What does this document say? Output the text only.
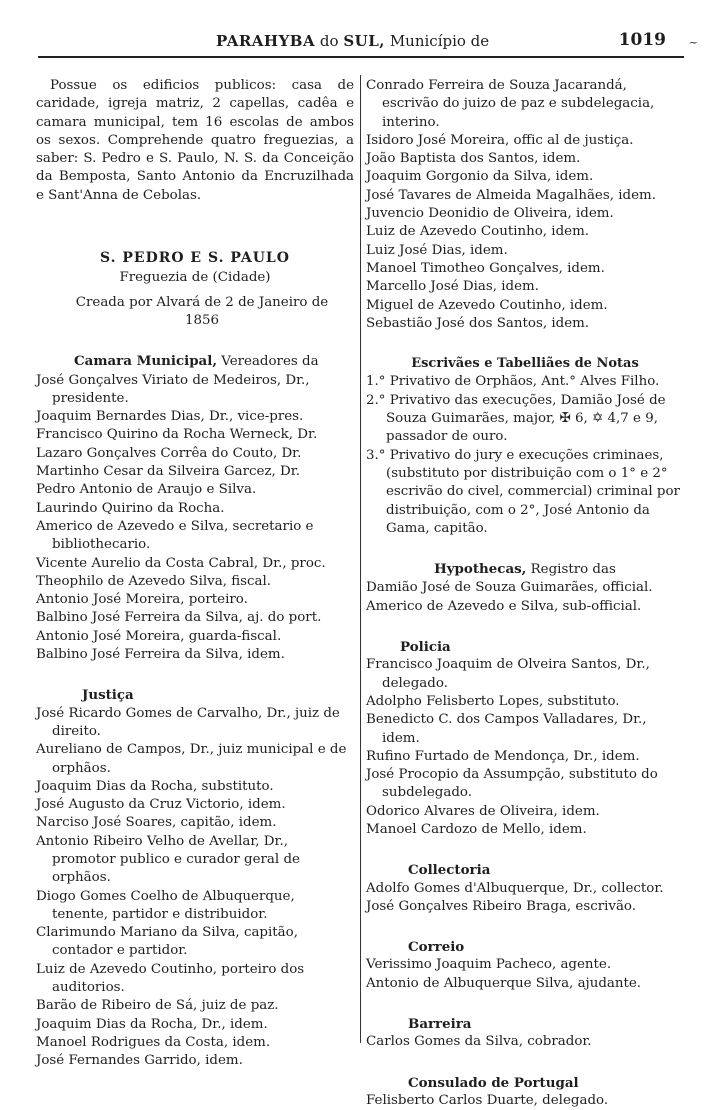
PARAHYBA do SUL, Município de	1019 ~

Possue os edificios publicos: casa de caridade, igreja matriz, 2 capellas, cadêa e camara municipal, tem 16 escolas de ambos os sexos. Comprehende quatro freguezias, a saber: S. Pedro e S. Paulo, N. S. da Conceição da Bemposta, Santo Antonio da Encruzilhada e Sant'Anna de Cebolas.

S. PEDRO E S. PAULO

Freguezia de (Cidade)

Creada por Alvará de 2 de Janeiro de 1856

Camara Municipal, Vereadores da

José Gonçalves Viriato de Medeiros, Dr., presidente.

Joaquim Bernardes Dias, Dr., vice-pres.

Francisco Quirino da Rocha Werneck, Dr.

Lazaro Gonçalves Corrêa do Couto, Dr.

Martinho Cesar da Silveira Garcez, Dr.

Pedro Antonio de Araujo e Silva.

Laurindo Quirino da Rocha.

Americo de Azevedo e Silva, secretario e bibliothecario.

Vicente Aurelio da Costa Cabral, Dr., proc.

Theophilo de Azevedo Silva, fiscal.

Antonio José Moreira, porteiro.

Balbino José Ferreira da Silva, aj. do port.

Antonio José Moreira, guarda-fiscal.

Balbino José Ferreira da Silva, idem.

Justiça

José Ricardo Gomes de Carvalho, Dr., juiz de direito.

Aureliano de Campos, Dr., juiz municipal e de orphãos.

Joaquim Dias da Rocha, substituto.

José Augusto da Cruz Victorio, idem.

Narciso José Soares, capitão, idem.

Antonio Ribeiro Velho de Avellar, Dr., promotor publico e curador geral de orphãos.

Diogo Gomes Coelho de Albuquerque, tenente, partidor e distribuidor.

Clarimundo Mariano da Silva, capitão, contador e partidor.

Luiz de Azevedo Coutinho, porteiro dos auditorios.

Barão de Ribeiro de Sá, juiz de paz.

Joaquim Dias da Rocha, Dr., idem.

Manoel Rodrigues da Costa, idem.

José Fernandes Garrido, idem.

Conrado Ferreira de Souza Jacarandá, escrivão do juizo de paz e subdelegacia, interino.

Isidoro José Moreira, offic al de justiça.

João Baptista dos Santos, idem.

Joaquim Gorgonio da Silva, idem.

José Tavares de Almeida Magalhães, idem.

Juvencio Deonidio de Oliveira, idem.

Luiz de Azevedo Coutinho, idem.

Luiz José Dias, idem.

Manoel Timotheo Gonçalves, idem.

Marcello José Dias, idem.

Miguel de Azevedo Coutinho, idem.

Sebastião José dos Santos, idem.

Escrivães e Tabelliães de Notas

1.° Privativo de Orphãos, Ant.° Alves Filho.

2.° Privativo das execuções, Damião José de Souza Guimarães, major, ✠ 6, ✡ 4,7 e 9, passador de ouro.

3.° Privativo do jury e execuções criminaes, (substituto por distribuição com o 1° e 2° escrivão do civel, commercial) criminal por distribuição, com o 2°, José Antonio da Gama, capitão.

Hypothecas, Registro das

Damião José de Souza Guimarães, official.

Americo de Azevedo e Silva, sub-official.

Policia

Francisco Joaquim de Olveira Santos, Dr., delegado.

Adolpho Felisberto Lopes, substituto.

Benedicto C. dos Campos Valladares, Dr., idem.

Rufino Furtado de Mendonça, Dr., idem.

José Procopio da Assumpção, substituto do subdelegado.

Odorico Alvares de Oliveira, idem.

Manoel Cardozo de Mello, idem.

Collectoria

Adolfo Gomes d'Albuquerque, Dr., collector.

José Gonçalves Ribeiro Braga, escrivão.

Correio

Verissimo Joaquim Pacheco, agente.

Antonio de Albuquerque Silva, ajudante.

Barreira

Carlos Gomes da Silva, cobrador.

Consulado de Portugal

Felisberto Carlos Duarte, delegado.
